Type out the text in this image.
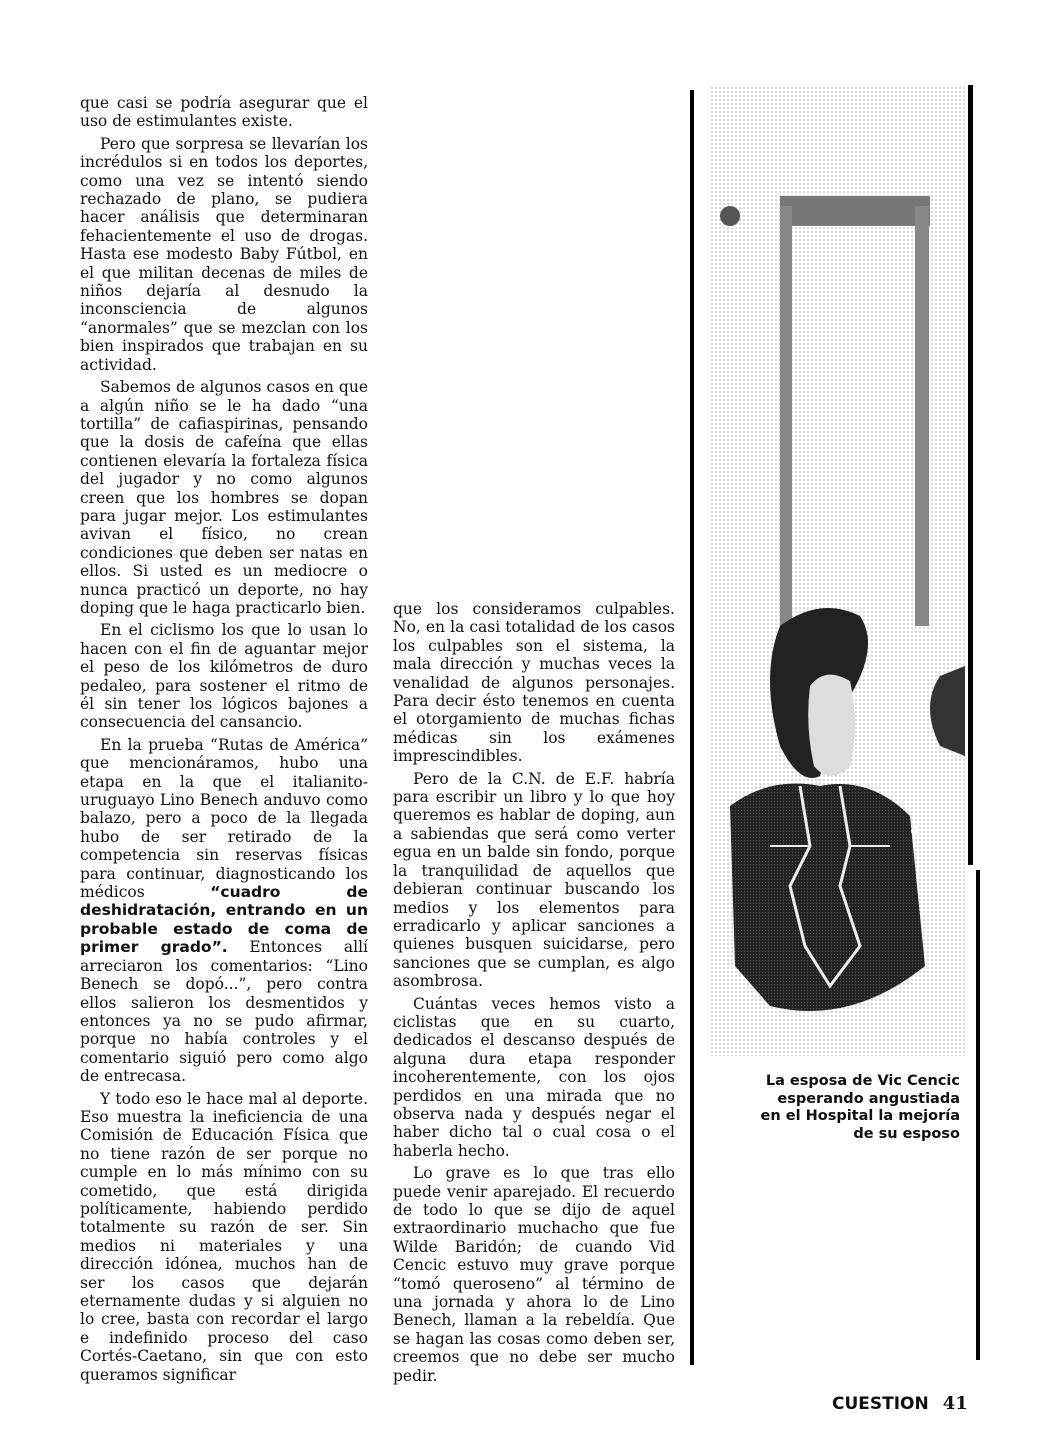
que casi se podría asegurar que el uso de estimulantes existe.

Pero que sorpresa se llevarían los incrédulos si en todos los deportes, como una vez se intentó siendo rechazado de plano, se pudiera hacer análisis que determinaran fehacientemente el uso de drogas. Hasta ese modesto Baby Fútbol, en el que militan decenas de miles de niños dejaría al desnudo la inconsciencia de algunos “anormales” que se mezclan con los bien inspirados que trabajan en su actividad.

Sabemos de algunos casos en que a algún niño se le ha dado “una tortilla” de cafiaspirinas, pensando que la dosis de cafeína que ellas contienen elevaría la fortaleza física del jugador y no como algunos creen que los hombres se dopan para jugar mejor. Los estimulantes avivan el físico, no crean condiciones que deben ser natas en ellos. Si usted es un mediocre o nunca practicó un deporte, no hay doping que le haga practicarlo bien.

En el ciclismo los que lo usan lo hacen con el fin de aguantar mejor el peso de los kilómetros de duro pedaleo, para sostener el ritmo de él sin tener los lógicos bajones a consecuencia del cansancio.

En la prueba “Rutas de América” que mencionáramos, hubo una etapa en la que el italianito-uruguayo Lino Benech anduvo como balazo, pero a poco de la llegada hubo de ser retirado de la competencia sin reservas físicas para continuar, diagnosticando los médicos “cuadro de deshidratación, entrando en un probable estado de coma de primer grado”. Entonces allí arreciaron los comentarios: “Lino Benech se dopó...”, pero contra ellos salieron los desmentidos y entonces ya no se pudo afirmar, porque no había controles y el comentario siguió pero como algo de entrecasa.

Y todo eso le hace mal al deporte. Eso muestra la ineficiencia de una Comisión de Educación Física que no tiene razón de ser porque no cumple en lo más mínimo con su cometido, que está dirigida políticamente, habiendo perdido totalmente su razón de ser. Sin medios ni materiales y una dirección idónea, muchos han de ser los casos que dejarán eternamente dudas y si alguien no lo cree, basta con recordar el largo e indefinido proceso del caso Cortés-Caetano, sin que con esto queramos significar

que los consideramos culpables. No, en la casi totalidad de los casos los culpables son el sistema, la mala dirección y muchas veces la venalidad de algunos personajes. Para decir ésto tenemos en cuenta el otorgamiento de muchas fichas médicas sin los exámenes imprescindibles.

Pero de la C.N. de E.F. habría para escribir un libro y lo que hoy queremos es hablar de doping, aun a sabiendas que será como verter egua en un balde sin fondo, porque la tranquilidad de aquellos que debieran continuar buscando los medios y los elementos para erradicarlo y aplicar sanciones a quienes busquen suicidarse, pero sanciones que se cumplan, es algo asombrosa.

Cuántas veces hemos visto a ciclistas que en su cuarto, dedicados el descanso después de alguna dura etapa responder incoherentemente, con los ojos perdidos en una mirada que no observa nada y después negar el haber dicho tal o cual cosa o el haberla hecho.

Lo grave es lo que tras ello puede venir aparejado. El recuerdo de todo lo que se dijo de aquel extraordinario muchacho que fue Wilde Baridón; de cuando Vid Cencic estuvo muy grave porque “tomó queroseno” al término de una jornada y ahora lo de Lino Benech, llaman a la rebeldía. Que se hagan las cosas como deben ser, creemos que no debe ser mucho pedir.

La esposa de Vic Cencic esperando angustiada en el Hospital la mejoría de su esposo
CUESTION 41
